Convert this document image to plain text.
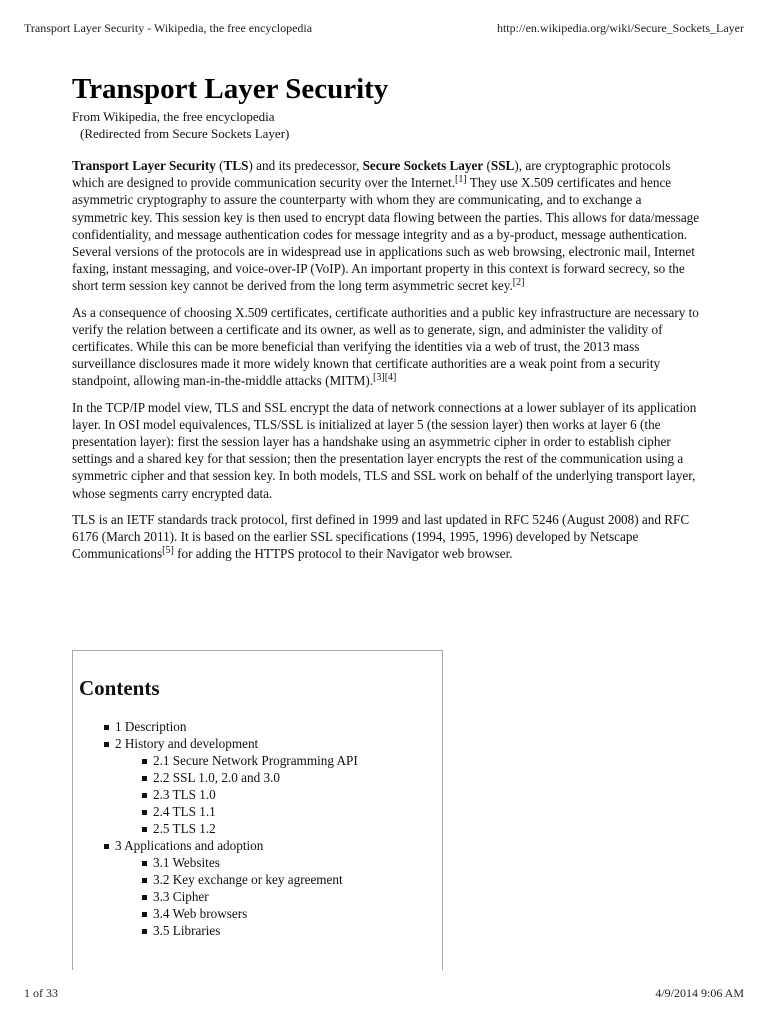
Transport Layer Security - Wikipedia, the free encyclopedia	http://en.wikipedia.org/wiki/Secure_Sockets_Layer
Transport Layer Security
From Wikipedia, the free encyclopedia
(Redirected from Secure Sockets Layer)

Transport Layer Security (TLS) and its predecessor, Secure Sockets Layer (SSL), are cryptographic protocols which are designed to provide communication security over the Internet.[1] They use X.509 certificates and hence asymmetric cryptography to assure the counterparty with whom they are communicating, and to exchange a symmetric key. This session key is then used to encrypt data flowing between the parties. This allows for data/message confidentiality, and message authentication codes for message integrity and as a by-product, message authentication. Several versions of the protocols are in widespread use in applications such as web browsing, electronic mail, Internet faxing, instant messaging, and voice-over-IP (VoIP). An important property in this context is forward secrecy, so the short term session key cannot be derived from the long term asymmetric secret key.[2]

As a consequence of choosing X.509 certificates, certificate authorities and a public key infrastructure are necessary to verify the relation between a certificate and its owner, as well as to generate, sign, and administer the validity of certificates. While this can be more beneficial than verifying the identities via a web of trust, the 2013 mass surveillance disclosures made it more widely known that certificate authorities are a weak point from a security standpoint, allowing man-in-the-middle attacks (MITM).[3][4]

In the TCP/IP model view, TLS and SSL encrypt the data of network connections at a lower sublayer of its application layer. In OSI model equivalences, TLS/SSL is initialized at layer 5 (the session layer) then works at layer 6 (the presentation layer): first the session layer has a handshake using an asymmetric cipher in order to establish cipher settings and a shared key for that session; then the presentation layer encrypts the rest of the communication using a symmetric cipher and that session key. In both models, TLS and SSL work on behalf of the underlying transport layer, whose segments carry encrypted data.

TLS is an IETF standards track protocol, first defined in 1999 and last updated in RFC 5246 (August 2008) and RFC 6176 (March 2011). It is based on the earlier SSL specifications (1994, 1995, 1996) developed by Netscape Communications[5] for adding the HTTPS protocol to their Navigator web browser.

Contents
1 Description
2 History and development
2.1 Secure Network Programming API
2.2 SSL 1.0, 2.0 and 3.0
2.3 TLS 1.0
2.4 TLS 1.1
2.5 TLS 1.2
3 Applications and adoption
3.1 Websites
3.2 Key exchange or key agreement
3.3 Cipher
3.4 Web browsers
3.5 Libraries
1 of 33	4/9/2014 9:06 AM
